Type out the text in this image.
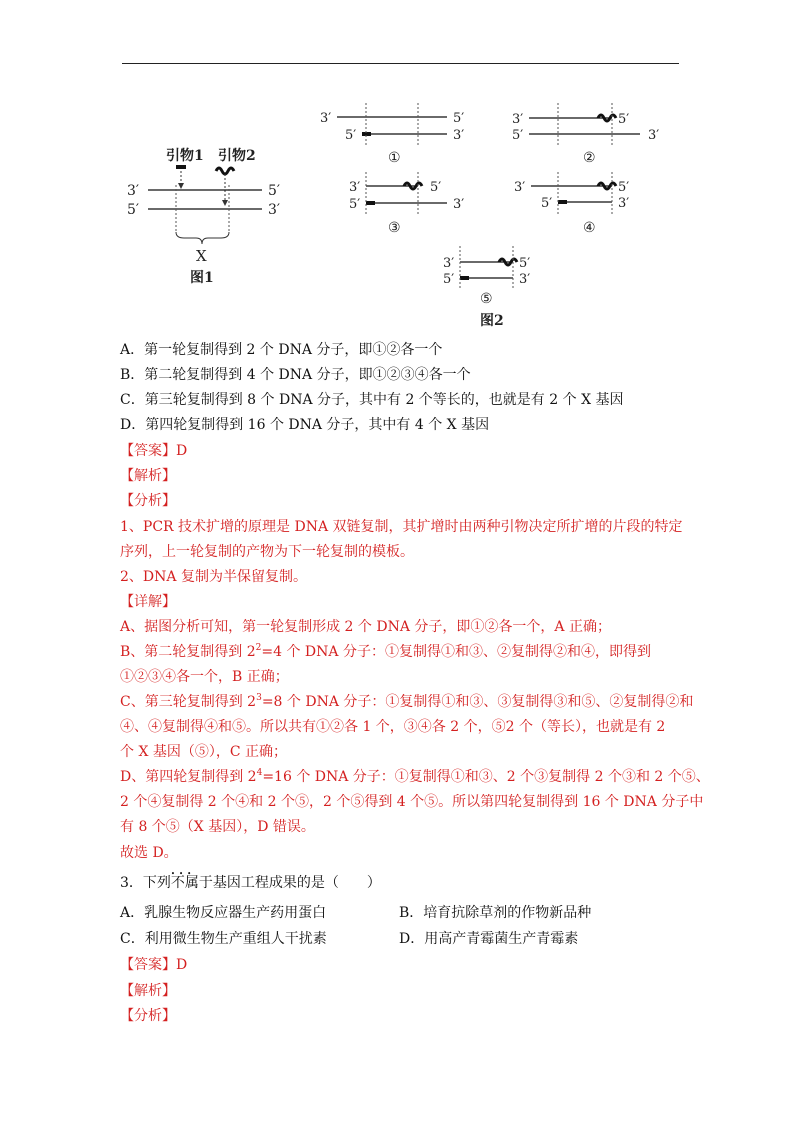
引物1 引物2
3′	5′
5′	3′
X
图1
3′	5′
5′	3′
①
3′	5′
5′	3′
②
3′	5′
5′	3′
③
3′	5′
5′	3′
④
3′	5′
5′	3′
⑤
图2
A．第一轮复制得到 2 个 DNA 分子，即①②各一个
B．第二轮复制得到 4 个 DNA 分子，即①②③④各一个
C．第三轮复制得到 8 个 DNA 分子，其中有 2 个等长的，也就是有 2 个 X 基因
D．第四轮复制得到 16 个 DNA 分子，其中有 4 个 X 基因
【答案】D
【解析】
【分析】
1、PCR 技术扩增的原理是 DNA 双链复制，其扩增时由两种引物决定所扩增的片段的特定
序列，上一轮复制的产物为下一轮复制的模板。
2、DNA 复制为半保留复制。
【详解】
A、据图分析可知，第一轮复制形成 2 个 DNA 分子，即①②各一个，A 正确；
B、第二轮复制得到 $2^2=4$ 个 DNA 分子：①复制得①和③、②复制得②和④，即得到
①②③④各一个，B 正确；
C、第三轮复制得到 $2^3=8$ 个 DNA 分子：①复制得①和③、③复制得③和⑤、②复制得②和
④、④复制得④和⑤。所以共有①②各 1 个，③④各 2 个，⑤2 个（等长），也就是有 2
个 X 基因（⑤），C 正确；
D、第四轮复制得到 $2^4=16$ 个 DNA 分子：①复制得①和③、2 个③复制得 2 个③和 2 个⑤、
2 个④复制得 2 个④和 2 个⑤，2 个⑤得到 4 个⑤。所以第四轮复制得到 16 个 DNA 分子中
有 8 个⑤（X 基因），D 错误。
故选 D。
3．下列不属于 •••基因工程成果的是（　　）
A．乳腺生物反应器生产药用蛋白	B．培育抗除草剂的作物新品种
C．利用微生物生产重组人干扰素	D．用高产青霉菌生产青霉素
【答案】D
【解析】
【分析】
